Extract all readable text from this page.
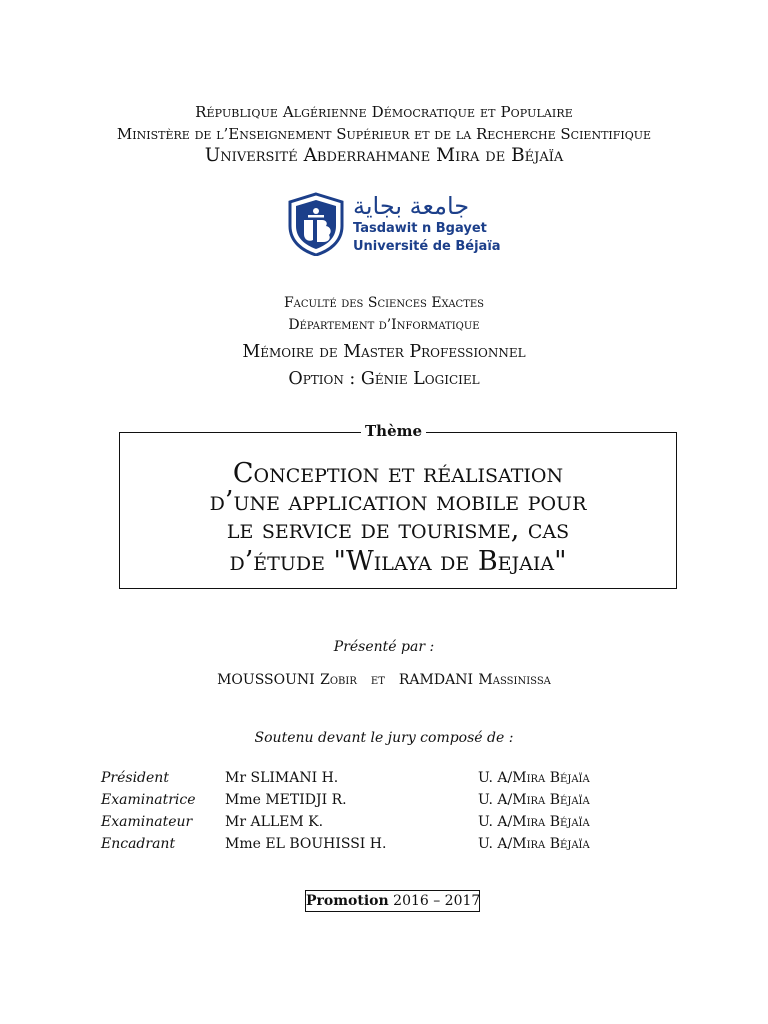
République Algérienne Démocratique et Populaire
Ministère de l’Enseignement Supérieur et de la Recherche Scientifique
Université Abderrahmane Mira de Béjaïa
جامعة بجاية
Tasdawit n Bgayet
Université de Béjaïa
Faculté des Sciences Exactes
Département d’Informatique
Mémoire de Master Professionnel
Option : Génie Logiciel
Thème
Conception et réalisation
d’une application mobile pour
le service de tourisme, cas
d’étude "Wilaya de Bejaia"
Présenté par :
MOUSSOUNI Zobir et RAMDANI Massinissa
Soutenu devant le jury composé de :
Président	Mr SLIMANI H.	U. A/Mira Béjaïa
Examinatrice Mme METIDJI R.	U. A/Mira Béjaïa
Examinateur Mr ALLEM K.	U. A/Mira Béjaïa
Encadrant	Mme EL BOUHISSI H.	U. A/Mira Béjaïa
Promotion 2016 – 2017
